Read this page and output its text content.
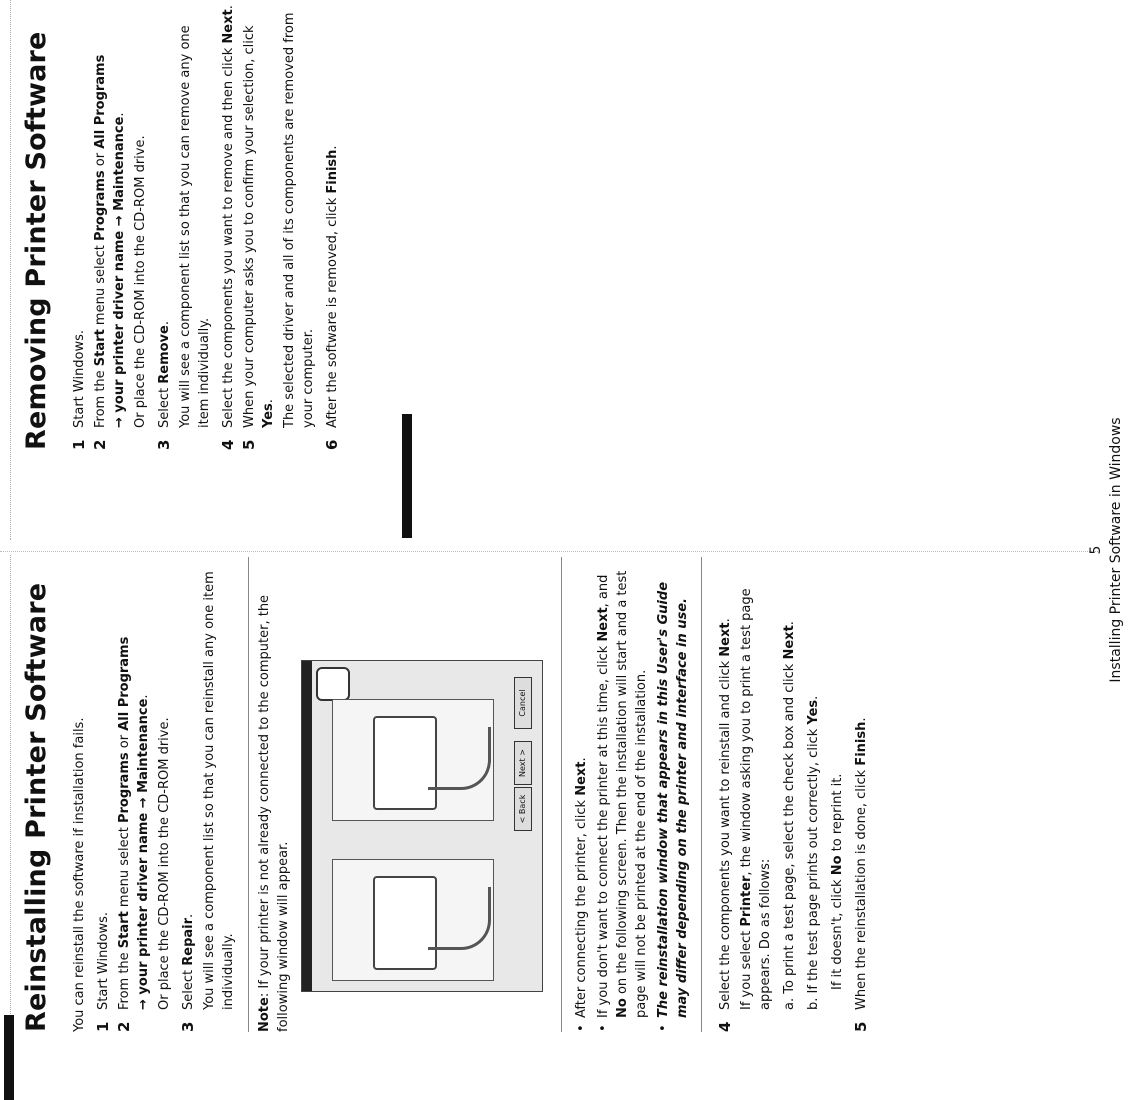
Reinstalling Printer Software You can reinstall the software if installation fails. 1
Start Windows.
2
From the Start menu select Programs or All Programs
→ your printer driver name → Maintenance.

Or place the CD-ROM into the CD-ROM drive.

3
Select Repair. You will see a component list so that you can reinstall any one item individually.

Note: If your printer is not already connected to the computer, the following window will appear.
< Back
Next >
Cancel
•
After connecting the printer, click Next.
•
If you don't want to connect the printer at this time, click Next, and No on the following screen. Then the installation will start and a test page will not be printed at the end of the installation.
•
The reinstallation window that appears in this User's Guide may differ depending on the printer and interface in use.
4
Select the components you want to reinstall and click Next.

If you select Printer, the window asking you to print a test page appears. Do as follows: a. To print a test page, select the check box and click Next.

b. If the test page prints out correctly, click Yes.

If it doesn't, click No to reprint it.

5
When the reinstallation is done, click Finish.
Removing Printer Software 1
Start Windows.
2
From the Start menu select Programs or All Programs
→ your printer driver name → Maintenance.

Or place the CD-ROM into the CD-ROM drive.

3
Select Remove. You will see a component list so that you can remove any one item individually.

4
Select the components you want to remove and then click Next.
5
When your computer asks you to confirm your selection, click Yes. The selected driver and all of its components are removed from your computer.

6
After the software is removed, click Finish.
5 Installing Printer Software in Windows
